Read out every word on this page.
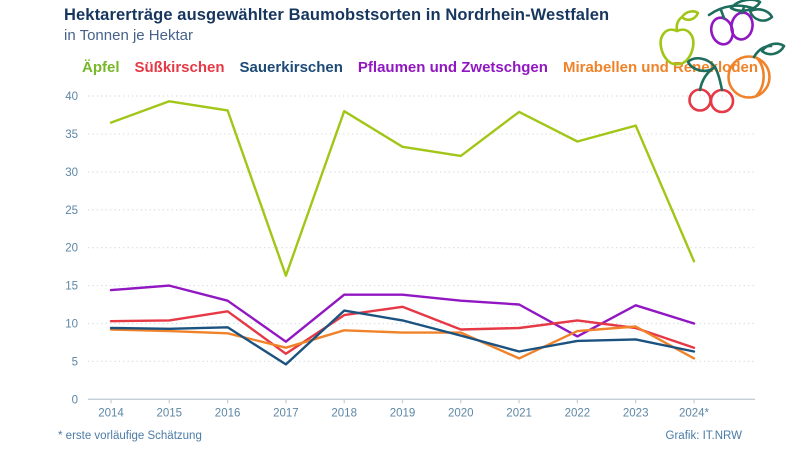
0
5
10
15
20
25
30
35
40
2014	2015	2016	2017	2018	2019	2020	2021	2022	2023	2024*
Hektarerträge ausgewählter Baumobstsorten in Nordrhein-Westfalen
in Tonnen je Hektar
Äpfel Süßkirschen Sauerkirschen Pflaumen und Zwetschgen Mirabellen und Renekloden
* erste vorläufige Schätzung	Grafik: IT.NRW
